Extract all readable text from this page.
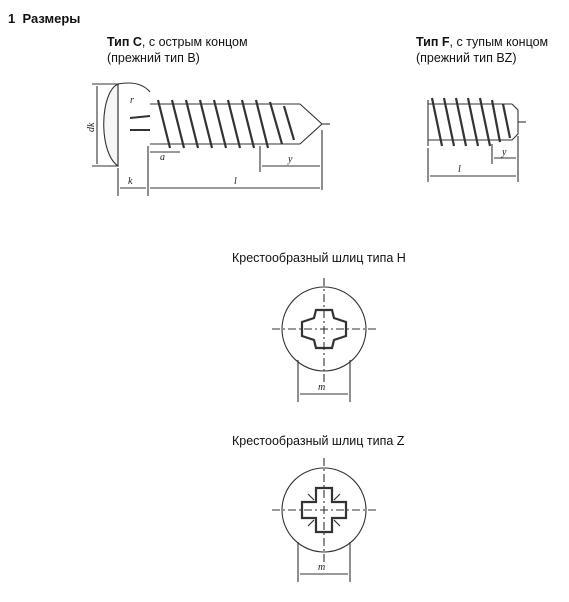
1 Размеры
Тип С, с острым концом
(прежний тип В)
Тип F, с тупым концом
(прежний тип BZ)
dk
r
a	y
k	l
y
l
Крестообразный шлиц типа Н
m
Крестообразный шлиц типа Z
m
